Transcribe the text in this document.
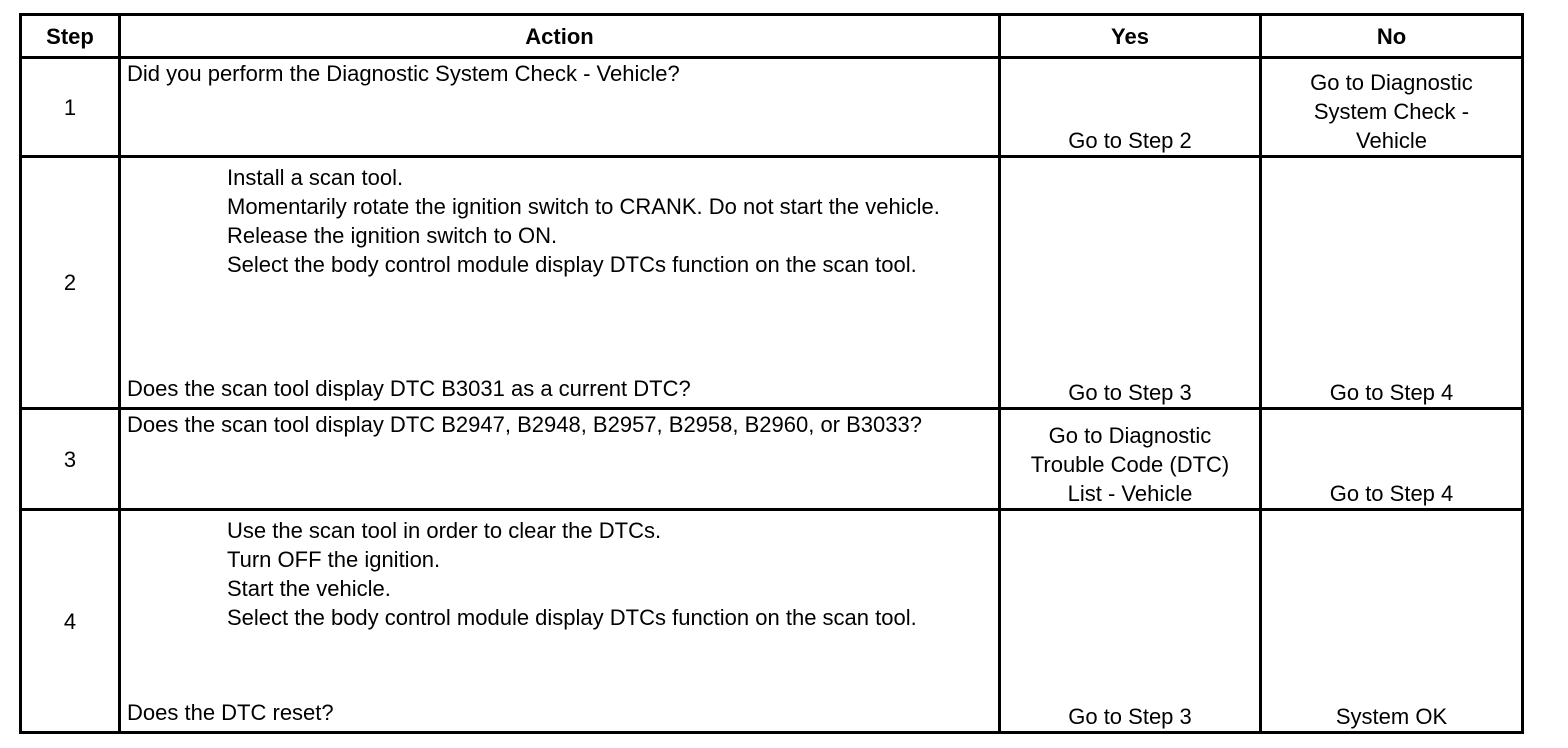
Step	Action	Yes	No
1	Did you perform the Diagnostic System Check - Vehicle?	Go to Step 2	Go to Diagnostic System Check - Vehicle
2	Install a scan tool.
Momentarily rotate the ignition switch to CRANK. Do not start the vehicle.
Release the ignition switch to ON.
Select the body control module display DTCs function on the scan tool.
Does the scan tool display DTC B3031 as a current DTC?	Go to Step 3	Go to Step 4
3	Does the scan tool display DTC B2947, B2948, B2957, B2958, B2960, or B3033?	Go to Diagnostic Trouble Code (DTC) List - Vehicle	Go to Step 4
4	Use the scan tool in order to clear the DTCs.
Turn OFF the ignition.
Start the vehicle.
Select the body control module display DTCs function on the scan tool.
Does the DTC reset?	Go to Step 3	System OK
